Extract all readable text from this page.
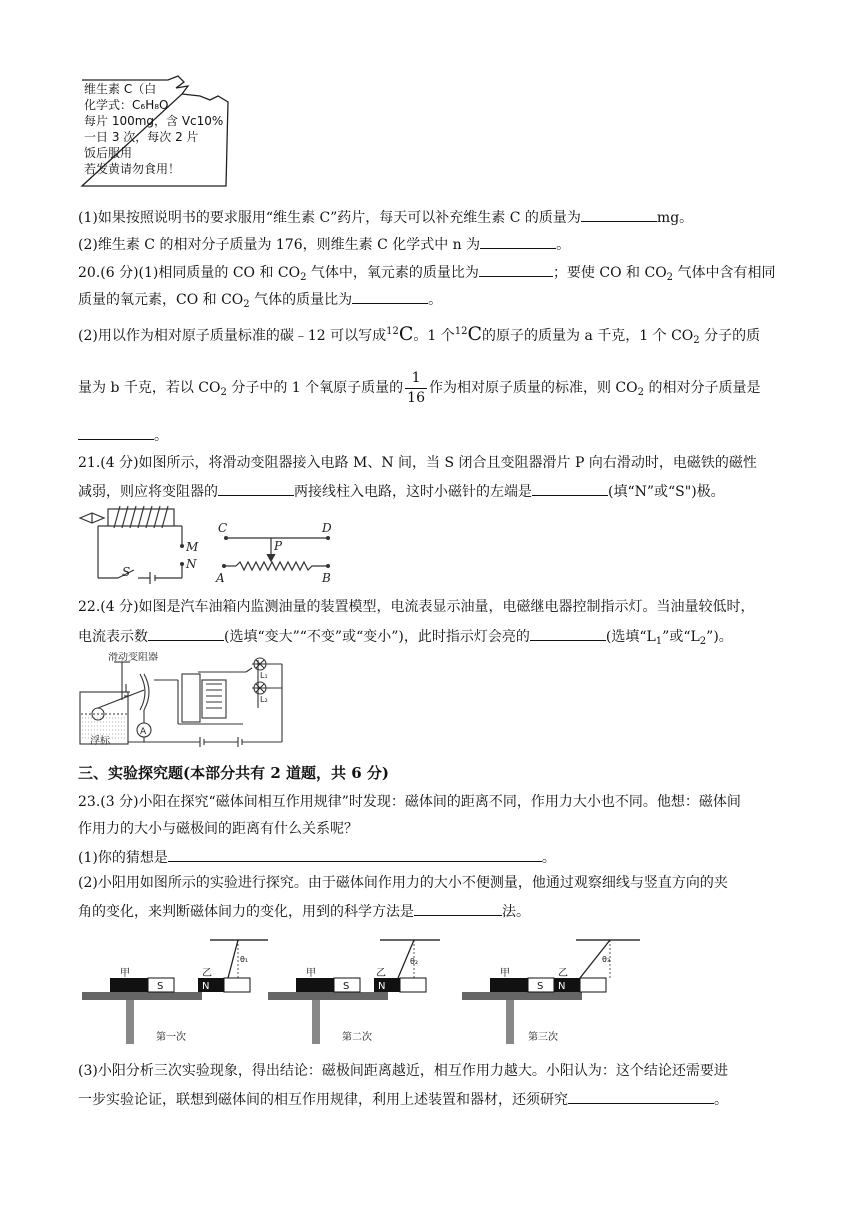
维生素 C（白
化学式：C₆H₈O
每片 100mg，含 Vc10%
一日 3 次，每次 2 片
饭后服用
若发黄请勿食用！
(1)如果按照说明书的要求服用“维生素 C”药片，每天可以补充维生素 C 的质量为	mg。
(2)维生素 C 的相对分子质量为 176，则维生素 C 化学式中 n 为	。
20.(6 分)(1)相同质量的 CO 和 $CO_2$ 气体中，氧元素的质量比为	；要使 CO 和 $CO_2$ 气体中含有相同
质量的氧元素，CO 和 $CO_2$ 气体的质量比为	。
(2)用以作为相对原子质量标准的碳﹣12 可以写成$^{12}$C。1 个$^{12}$C的原子的质量为 a 千克，1 个 $CO_2$ 分子的质
量为 b 千克，若以 $CO_2$ 分子中的 1 个氧原子质量的 $\frac{1}{16}$ 作为相对原子质量的标准，则 $CO_2$ 的相对分子质量是
。
21.(4 分)如图所示，将滑动变阻器接入电路 M、N 间，当 S 闭合且变阻器滑片 P 向右滑动时，电磁铁的磁性
减弱，则应将变阻器的	两接线柱入电路，这时小磁针的左端是	(填“N”或“S")极。
M
N
S
C	D
P
A	B
22.(4 分)如图是汽车油箱内监测油量的装置模型，电流表显示油量，电磁继电器控制指示灯。当油量较低时，
电流表示数	(选填“变大”“不变”或“变小”)，此时指示灯会亮的	(选填“$L_1$”或“$L_2$”)。
滑动变阻器
浮标
A
L₁
L₂
三、实验探究题(本部分共有 2 道题，共 6 分)
23.(3 分)小阳在探究“磁体间相互作用规律”时发现：磁体间的距离不同，作用力大小也不同。他想：磁体间
作用力的大小与磁极间的距离有什么关系呢？
(1)你的猜想是	。
(2)小阳用如图所示的实验进行探究。由于磁体间作用力的大小不便测量，他通过观察细线与竖直方向的夹
角的变化，来判断磁体间力的变化，用到的科学方法是	法。
甲
S
乙
N
θ₁
第一次
甲
S
乙
N
θ₂
第二次
甲
S
乙
N
θ₃
第三次
(3)小阳分析三次实验现象，得出结论：磁极间距离越近，相互作用力越大。小阳认为：这个结论还需要进
一步实验论证，联想到磁体间的相互作用规律，利用上述装置和器材，还须研究	。
